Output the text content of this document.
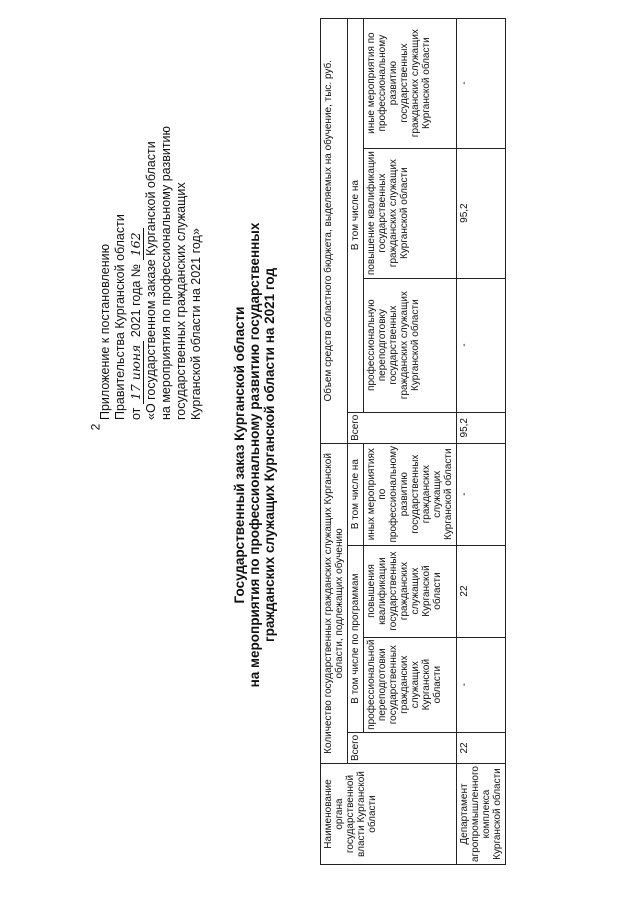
2
Приложение к постановлению Правительства Курганской области от 17 июня 2021 года № 162 «О государственном заказе Курганской области на мероприятия по профессиональному развитию государственных гражданских служащих Курганской области на 2021 год» Государственный заказ Курганской области на мероприятия по профессиональному развитию государственных гражданских служащих Курганской области на 2021 год
Наименование органа государственной власти Курганской области	Количество государственных гражданских служащих Курганской области, подлежащих обучению				Объем средств областного бюджета, выделяемых на обучение, тыс. руб.			
	Всего	В том числе по программам		В том числе на	Всего	В том числе на		
		профессиональной переподготовки государственных гражданских служащих Курганской области	повышения квалификации государственных гражданских служащих Курганской области	иных мероприятиях по профессиональному развитию государственных гражданских служащих Курганской области		профессиональную переподготовку государственных гражданских служащих Курганской области	повышение квалификации государственных гражданских служащих Курганской области	иные мероприятия по профессиональному развитию государственных гражданских служащих Курганской области
Департамент агропромышленного комплекса Курганской области	22	-	22	-	95,2	-	95,2	-
